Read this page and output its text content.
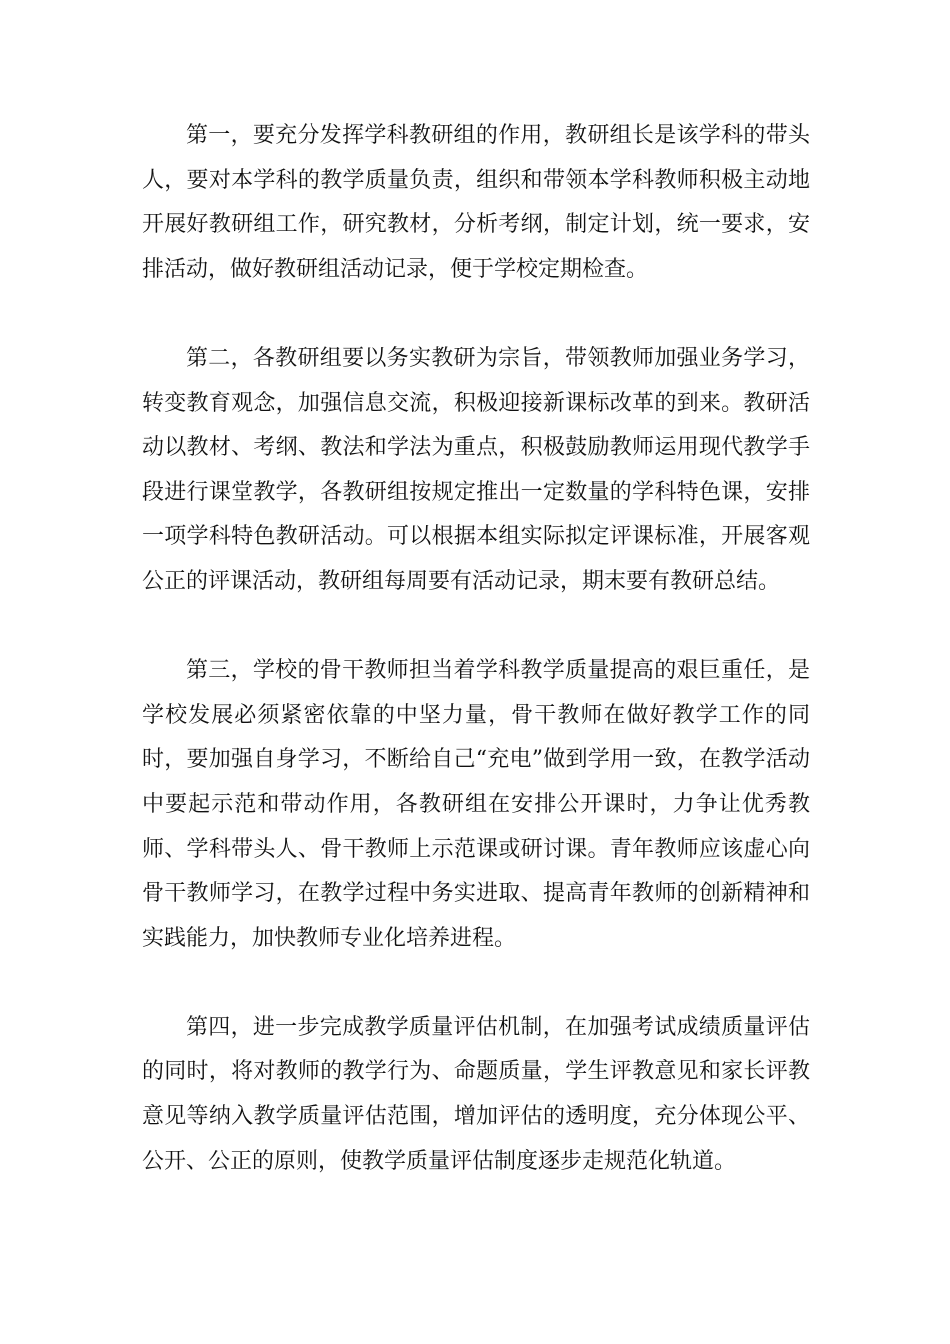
第一，要充分发挥学科教研组的作用，教研组长是该学科的带头人，要对本学科的教学质量负责，组织和带领本学科教师积极主动地开展好教研组工作，研究教材，分析考纲，制定计划，统一要求，安排活动，做好教研组活动记录，便于学校定期检查。

第二，各教研组要以务实教研为宗旨，带领教师加强业务学习，转变教育观念，加强信息交流，积极迎接新课标改革的到来。教研活动以教材、考纲、教法和学法为重点，积极鼓励教师运用现代教学手段进行课堂教学，各教研组按规定推出一定数量的学科特色课，安排一项学科特色教研活动。可以根据本组实际拟定评课标准，开展客观公正的评课活动，教研组每周要有活动记录，期末要有教研总结。

第三，学校的骨干教师担当着学科教学质量提高的艰巨重任，是学校发展必须紧密依靠的中坚力量，骨干教师在做好教学工作的同时，要加强自身学习，不断给自己“充电”做到学用一致，在教学活动中要起示范和带动作用，各教研组在安排公开课时，力争让优秀教师、学科带头人、骨干教师上示范课或研讨课。青年教师应该虚心向骨干教师学习，在教学过程中务实进取、提高青年教师的创新精神和实践能力，加快教师专业化培养进程。

第四，进一步完成教学质量评估机制，在加强考试成绩质量评估的同时，将对教师的教学行为、命题质量，学生评教意见和家长评教意见等纳入教学质量评估范围，增加评估的透明度，充分体现公平、公开、公正的原则，使教学质量评估制度逐步走规范化轨道。
